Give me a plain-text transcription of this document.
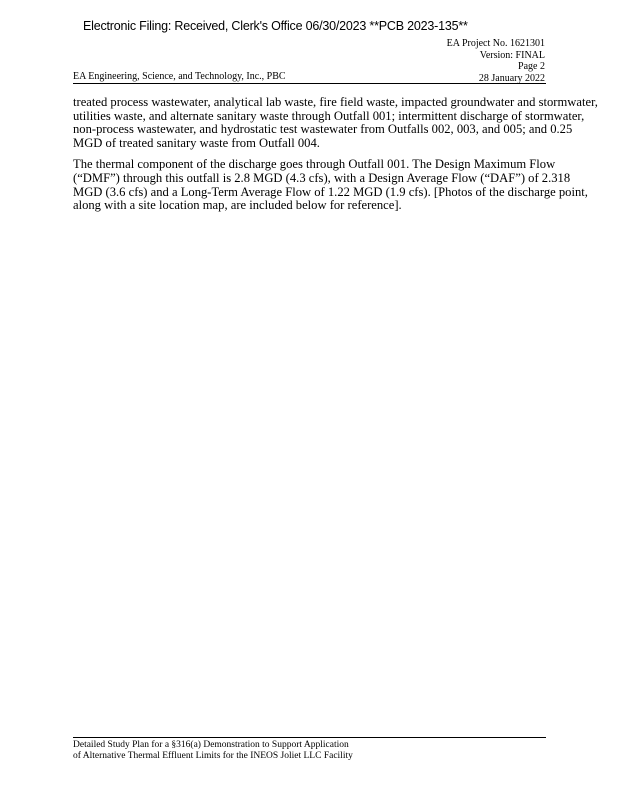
Electronic Filing: Received, Clerk's Office 06/30/2023 **PCB 2023-135**
EA Project No. 1621301
Version: FINAL
Page 2
28 January 2022
EA Engineering, Science, and Technology, Inc., PBC

treated process wastewater, analytical lab waste, fire field waste, impacted groundwater and stormwater, utilities waste, and alternate sanitary waste through Outfall 001; intermittent discharge of stormwater, non-process wastewater, and hydrostatic test wastewater from Outfalls 002, 003, and 005; and 0.25 MGD of treated sanitary waste from Outfall 004.

The thermal component of the discharge goes through Outfall 001. The Design Maximum Flow (“DMF”) through this outfall is 2.8 MGD (4.3 cfs), with a Design Average Flow (“DAF”) of 2.318 MGD (3.6 cfs) and a Long-Term Average Flow of 1.22 MGD (1.9 cfs). [Photos of the discharge point, along with a site location map, are included below for reference].

Detailed Study Plan for a §316(a) Demonstration to Support Application
of Alternative Thermal Effluent Limits for the INEOS Joliet LLC Facility
